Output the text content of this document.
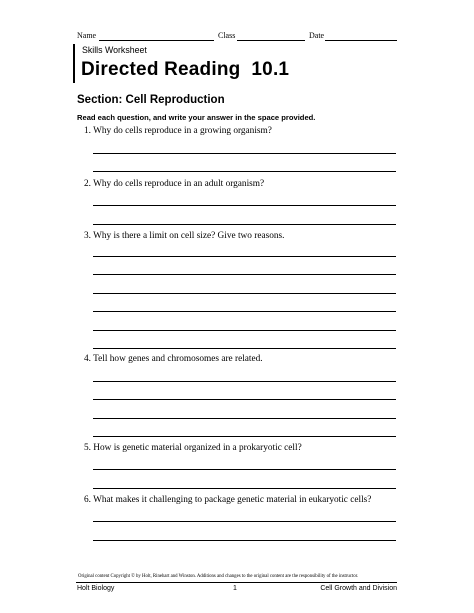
Name	Class	Date
Skills Worksheet
Directed Reading  10.1
Section: Cell Reproduction
Read each question, and write your answer in the space provided.
1. Why do cells reproduce in a growing organism?
2. Why do cells reproduce in an adult organism?
3. Why is there a limit on cell size? Give two reasons.
4. Tell how genes and chromosomes are related.
5. How is genetic material organized in a prokaryotic cell?
6. What makes it challenging to package genetic material in eukaryotic cells?
Original content Copyright © by Holt, Rinehart and Winston. Additions and changes to the original content are the responsibility of the instructor.
Holt Biology	1	Cell Growth and Division
